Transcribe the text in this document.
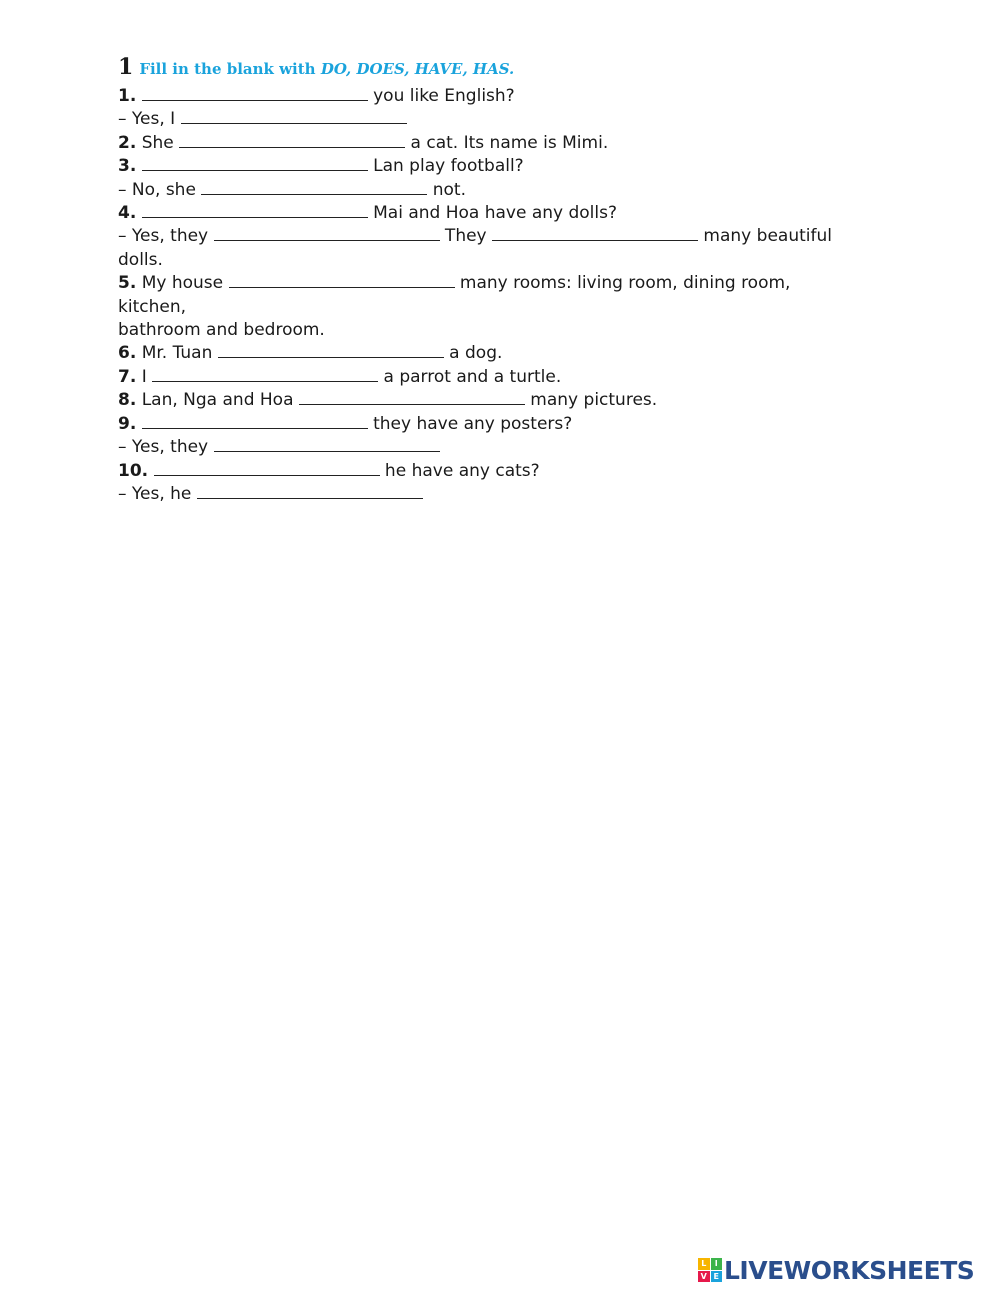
1 Fill in the blank with DO, DOES, HAVE, HAS.

1.	you like English?

– Yes, I

2. She	a cat. Its name is Mimi.

3.	Lan play football?

– No, she	not.

4.	Mai and Hoa have any dolls?

– Yes, they	They	many beautiful

dolls.

5. My house	many rooms: living room, dining room,

kitchen,

bathroom and bedroom.

6. Mr. Tuan	a dog.

7. I	a parrot and a turtle.

8. Lan, Nga and Hoa	many pictures.

9.	they have any posters?

– Yes, they

10.	he have any cats?

– Yes, he

L	I
V E LIVEWORKSHEETS
